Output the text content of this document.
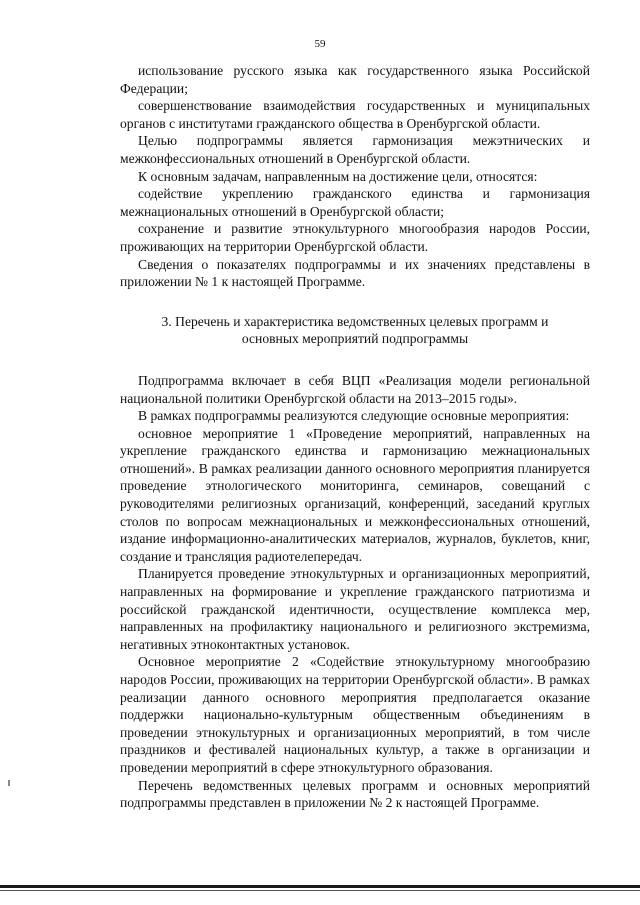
59

использование русского языка как государственного языка Российской Федерации;

совершенствование взаимодействия государственных и муниципальных органов с институтами гражданского общества в Оренбургской области.

Целью подпрограммы является гармонизация межэтнических и межконфессиональных отношений в Оренбургской области.

К основным задачам, направленным на достижение цели, относятся:

содействие укреплению гражданского единства и гармонизация межнациональных отношений в Оренбургской области;

сохранение и развитие этнокультурного многообразия народов России, проживающих на территории Оренбургской области.

Сведения о показателях подпрограммы и их значениях представлены в приложении № 1 к настоящей Программе.

3. Перечень и характеристика ведомственных целевых программ и основных мероприятий подпрограммы

Подпрограмма включает в себя ВЦП «Реализация модели региональной национальной политики Оренбургской области на 2013–2015 годы».

В рамках подпрограммы реализуются следующие основные мероприятия:

основное мероприятие 1 «Проведение мероприятий, направленных на укрепление гражданского единства и гармонизацию межнациональных отношений». В рамках реализации данного основного мероприятия планируется проведение этнологического мониторинга, семинаров, совещаний с руководителями религиозных организаций, конференций, заседаний круглых столов по вопросам межнациональных и межконфессиональных отношений, издание информационно-аналитических материалов, журналов, буклетов, книг, создание и трансляция радиотелепередач.

Планируется проведение этнокультурных и организационных мероприятий, направленных на формирование и укрепление гражданского патриотизма и российской гражданской идентичности, осуществление комплекса мер, направленных на профилактику национального и религиозного экстремизма, негативных этноконтактных установок.

Основное мероприятие 2 «Содействие этнокультурному многообразию народов России, проживающих на территории Оренбургской области». В рамках реализации данного основного мероприятия предполагается оказание поддержки национально-культурным общественным объединениям в проведении этнокультурных и организационных мероприятий, в том числе праздников и фестивалей национальных культур, а также в организации и проведении мероприятий в сфере этнокультурного образования.

Перечень ведомственных целевых программ и основных мероприятий подпрограммы представлен в приложении № 2 к настоящей Программе.
